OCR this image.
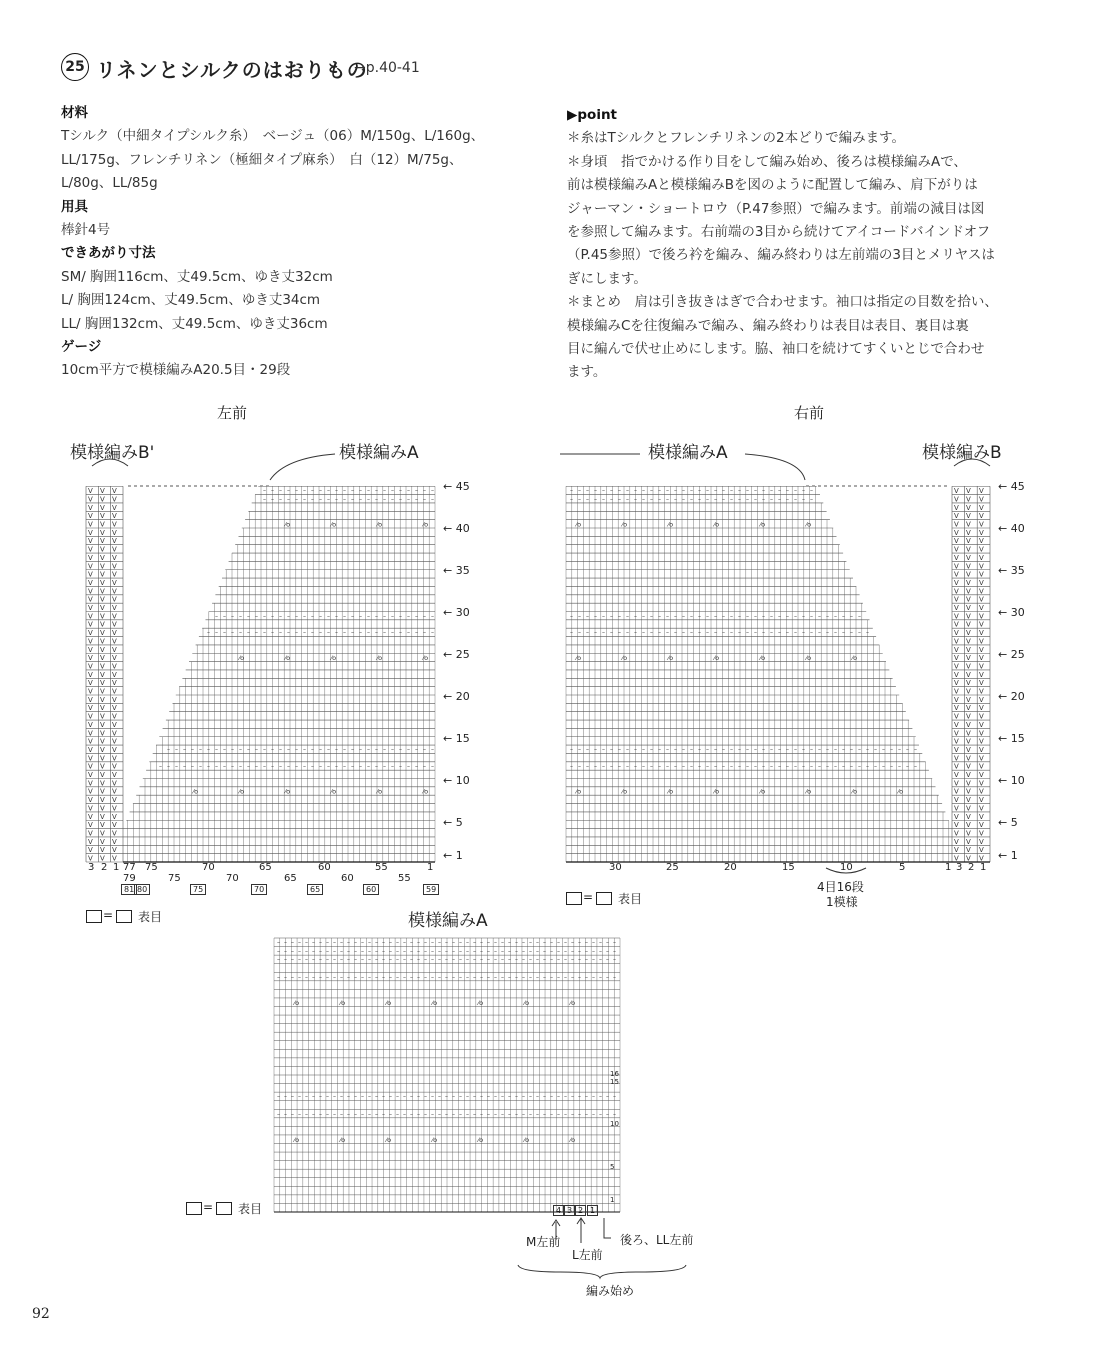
25 リネンとシルクのはおりもの
→p.40-41
材料
Tシルク（中細タイプシルク糸）　ベージュ（06）M/150g、L/160g、
LL/175g、フレンチリネン（極細タイプ麻糸）　白（12）M/75g、
L/80g、LL/85g
用具
棒針4号
できあがり寸法
SM/ 胸囲116cm、丈49.5cm、ゆき丈32cm
L/ 胸囲124cm、丈49.5cm、ゆき丈34cm
LL/ 胸囲132cm、丈49.5cm、ゆき丈36cm
ゲージ
10cm平方で模様編みA20.5目・29段
▶point
＊糸はTシルクとフレンチリネンの2本どりで編みます。
＊身頃　指でかける作り目をして編み始め、後ろは模様編みAで、
前は模様編みAと模様編みBを図のように配置して編み、肩下がりは
ジャーマン・ショートロウ（P.47参照）で編みます。前端の減目は図
を参照して編みます。右前端の3目から続けてアイコードバインドオフ
（P.45参照）で後ろ衿を編み、編み終わりは左前端の3目とメリヤスは
ぎにします。
＊まとめ　肩は引き抜きはぎで合わせます。袖口は指定の目数を拾い、
模様編みCを往復編みで編み、編み終わりは表目は表目、裏目は裏
目に編んで伏せ止めにします。脇、袖口を続けてすくいとじで合わせ
ます。
V V V
V V V
V V V
V V V
V V V
V V V
V V V
V V V
V V V
V V V
V V V
V V V
V V V
V V V
V V V
V V V
V V V
V V V
V V V
V V V
V V V
V V V
V V V
V V V
V V V
V V V
V V V
V V V
V V V
V V V
V V V
V V V
V V V
V V V
V V V
V V V
V V V
V V V
V V V
V V V
V V V
V V V
V V V
V V V
V V V
⁄o
⁄o
⁄o
⁄o
⁄o
⁄o
–
–
–
–
–
–
–
–
–
–
–
–
–
–
–
–
–
–
–
–
–
–
–
–
–
–
–
–
–
–
–
–
–
–
–
–
–
–
–
–
–
–
–
–
–
–
–
–
–
–
–
–
–
–
–
–
–
–
–
–
–
–
–
–
–
–
–
–
–
⁄o
⁄o
⁄o
⁄o
⁄o
–
–
–
–
–
–
–
–
–
–
–
–
–
–
–
–
–
–
–
–
–
–
–
–
–
–
–
–
–
–
–
–
–
–
–
–
–
–
–
–
–
–
–
–
–
–
–
–
–
–
–
–
–
–
–
–
–
⁄o
⁄o
⁄o
⁄o
–
–
–
–
–
–
–
–
–
–
–
–
–
–
–
–
–
–
–
–
–
–
–
–
–
–
–
–
–
–
–
–
–
–
–
–
–
–
–
–
–
–
–
–
V V V
V V V
V V V
V V V
V V V
V V V
V V V
V V V
V V V
V V V
V V V
V V V
V V V
V V V
V V V
V V V
V V V
V V V
V V V
V V V
V V V
V V V
V V V
V V V
V V V
V V V
V V V
V V V
V V V
V V V
V V V
V V V
V V V
V V V
V V V
V V V
V V V
V V V
V V V
V V V
V V V
V V V
V V V
V V V
V V V
⁄o	⁄o	⁄o	⁄o	⁄o	⁄o	⁄o	⁄o
– – – – – – – – – – – – – – – – – – – – – – – – – – – – – – – – – – – – – – – – – – – –
– – – – – – – – – – – – – – – – – – – – – – – – – – – – – – – – – – – – – – – – – – – –
⁄o	⁄o	⁄o	⁄o	⁄o	⁄o	⁄o
– – – – – – – – – – – – – – – – – – – – – – – – – – – – – – – – – – – – – –
– – – – – – – – – – – – – – – – – – – – – – – – – – – – – – – – – – – – –
⁄o	⁄o	⁄o	⁄o	⁄o	⁄o
– – – – – – – – – – – – – – – – – – – – – – – – – – – – – – –
– – – – – – – – – – – – – – – – – – – – – – – – – – – – – – –
⁄o	⁄o	⁄o	⁄o	⁄o	⁄o	⁄o
– – – – – – – – – – – – – – – – – – – – – – – – – – – – – – – – – – – – – – – – – – – – – – – – –
– – – – – – – – – – – – – – – – – – – – – – – – – – – – – – – – – – – – – – – – – – – – – – – – –
⁄o	⁄o	⁄o	⁄o	⁄o	⁄o	⁄o
– – – – – – – – – – – – – – – – – – – – – – – – – – – – – – – – – – – – – – – – – – – – – – – – –
– – – – – – – – – – – – – – – – – – – – – – – – – – – – – – – – – – – – – – – – – – – – – – – – –
– – – – – – – – – – – – – – – – – – – – – – – – – – – – – – – – – – – – – – – – – – – – – – – – –
– – – – – – – – – – – – – – – – – – – – – – – – – – – – – – – – – – – – – – – – – – – – – – – – –
左前
模様編みB'	模様編みA
← 45
← 40
← 35
← 30
← 25
← 20
← 15
← 10
← 5
← 1
3 2 1 77 75	70	65	60	55	1
79	75	70	65	60	55
81 80	75	70	65	60	59
= 表目
右前
模様編みA	模様編みB
← 45
← 40
← 35
← 30
← 25
← 20
← 15
← 10
← 5
← 1
30	25	20	15	10	5	1 3 2 1
4目16段
1模様
= 表目
模様編みA
16
15
10
5
1
4 3 2 1
M左前
L左前
後ろ、LL左前
編み始め
= 表目
92
